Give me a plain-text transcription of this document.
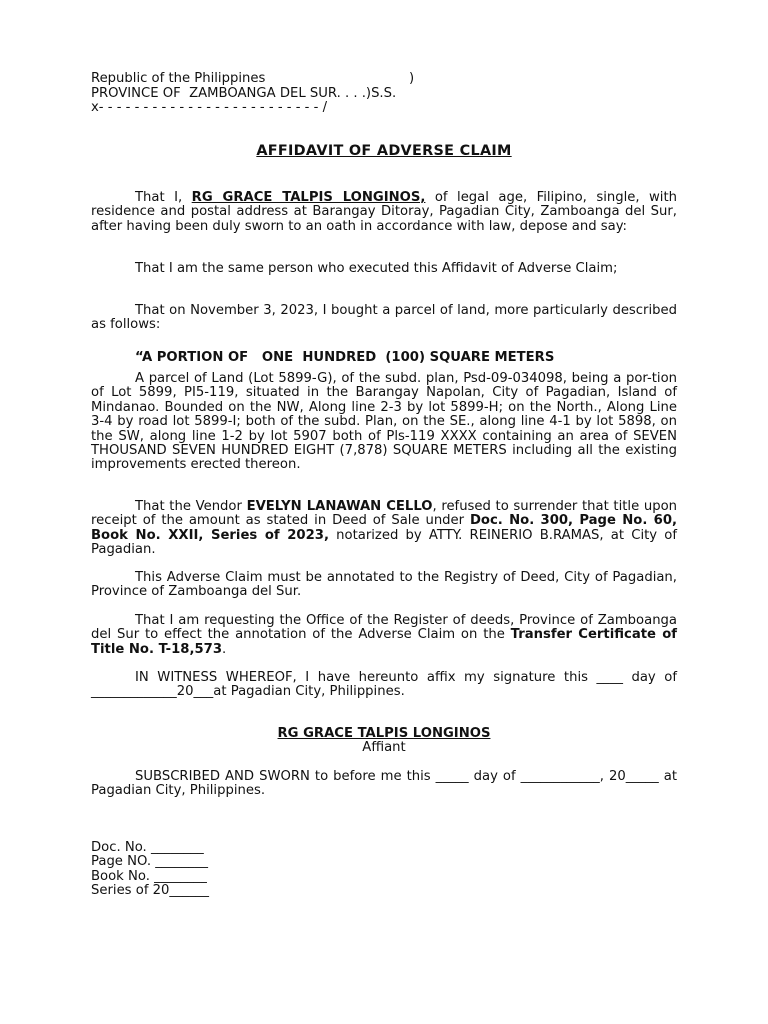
Republic of the Philippines	)
PROVINCE OF  ZAMBOANGA DEL SUR. . . .)S.S.
x- - - - - - - - - - - - - - - - - - - - - - - - - /
AFFIDAVIT OF ADVERSE CLAIM

That I, RG GRACE TALPIS LONGINOS, of legal age, Filipino, single, with residence and postal address at Barangay Ditoray, Pagadian City, Zamboanga del Sur, after having been duly sworn to an oath in accordance with law, depose and say:

That I am the same person who executed this Affidavit of Adverse Claim;

That on November 3, 2023, I bought a parcel of land, more particularly described as follows:

“A PORTION OF   ONE  HUNDRED  (100) SQUARE METERS

A parcel of Land (Lot 5899-G), of the subd. plan, Psd-09-034098, being a por-tion of Lot 5899, PI5-119, situated in the Barangay Napolan, City of Pagadian, Island of Mindanao. Bounded on the NW, Along line 2-3 by lot 5899-H; on the North., Along Line 3-4 by road lot 5899-I; both of the subd. Plan, on the SE., along line 4-1 by lot 5898, on the SW, along line 1-2 by lot 5907 both of Pls-119 XXXX containing an area of SEVEN THOUSAND SEVEN HUNDRED EIGHT (7,878) SQUARE METERS including all the existing improvements erected thereon.

That the Vendor EVELYN LANAWAN CELLO, refused to surrender that title upon receipt of the amount as stated in Deed of Sale under Doc. No. 300, Page No. 60, Book No. XXII, Series of 2023, notarized by ATTY. REINERIO B.RAMAS, at City of Pagadian.

This Adverse Claim must be annotated to the Registry of Deed, City of Pagadian, Province of Zamboanga del Sur.

That I am requesting the Office of the Register of deeds, Province of Zamboanga del Sur to effect the annotation of the Adverse Claim on the Transfer Certificate of Title No. T-18,573.

IN WITNESS WHEREOF, I have hereunto affix my signature this ____ day of _____________20___at Pagadian City, Philippines.

RG GRACE TALPIS LONGINOS
Affiant

SUBSCRIBED AND SWORN to before me this _____ day of ____________, 20_____ at Pagadian City, Philippines.

Doc. No. ________
Page NO. ________
Book No. ________
Series of 20______
